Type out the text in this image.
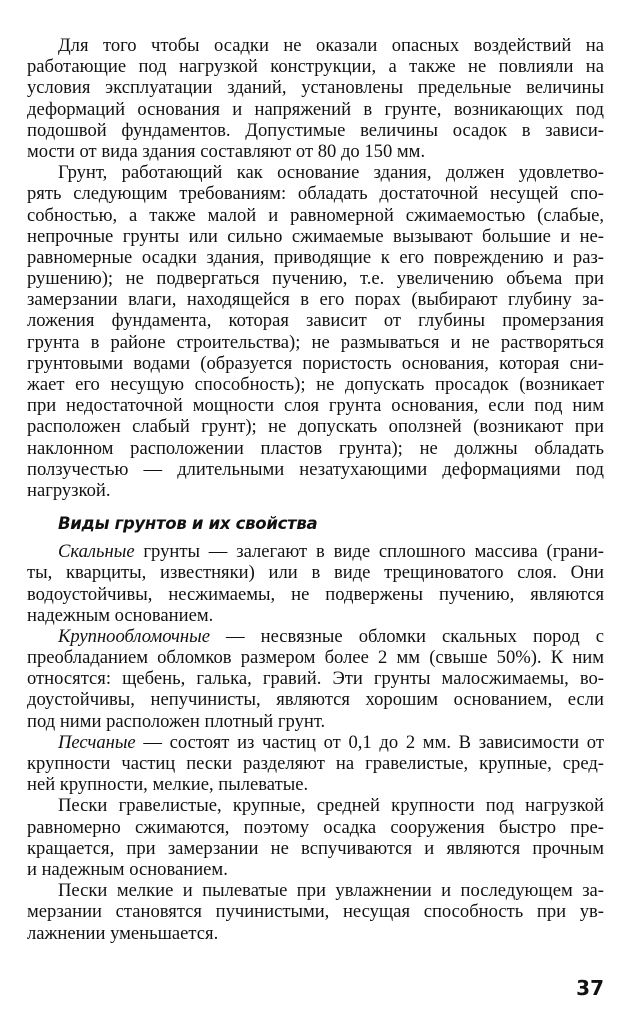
Для того чтобы осадки не оказали опасных воздействий на
работающие под нагрузкой конструкции, а также не повлияли на
условия эксплуатации зданий, установлены предельные величины
деформаций основания и напряжений в грунте, возникающих под
подошвой фундаментов. Допустимые величины осадок в зависи-
мости от вида здания составляют от 80 до 150 мм.
Грунт, работающий как основание здания, должен удовлетво-
рять следующим требованиям: обладать достаточной несущей спо-
собностью, а также малой и равномерной сжимаемостью (слабые,
непрочные грунты или сильно сжимаемые вызывают большие и не-
равномерные осадки здания, приводящие к его повреждению и раз-
рушению); не подвергаться пучению, т.е. увеличению объема при
замерзании влаги, находящейся в его порах (выбирают глубину за-
ложения фундамента, которая зависит от глубины промерзания
грунта в районе строительства); не размываться и не растворяться
грунтовыми водами (образуется пористость основания, которая сни-
жает его несущую способность); не допускать просадок (возникает
при недостаточной мощности слоя грунта основания, если под ним
расположен слабый грунт); не допускать оползней (возникают при
наклонном расположении пластов грунта); не должны обладать
ползучестью — длительными незатухающими деформациями под
нагрузкой.
Виды грунтов и их свойства
Скальные грунты — залегают в виде сплошного массива (грани-
ты, кварциты, известняки) или в виде трещиноватого слоя. Они
водоустойчивы, несжимаемы, не подвержены пучению, являются
надежным основанием.
Крупнообломочные — несвязные обломки скальных пород с
преобладанием обломков размером более 2 мм (свыше 50%). К ним
относятся: щебень, галька, гравий. Эти грунты малосжимаемы, во-
доустойчивы, непучинисты, являются хорошим основанием, если
под ними расположен плотный грунт.
Песчаные — состоят из частиц от 0,1 до 2 мм. В зависимости от
крупности частиц пески разделяют на гравелистые, крупные, сред-
ней крупности, мелкие, пылеватые.
Пески гравелистые, крупные, средней крупности под нагрузкой
равномерно сжимаются, поэтому осадка сооружения быстро пре-
кращается, при замерзании не вспучиваются и являются прочным
и надежным основанием.
Пески мелкие и пылеватые при увлажнении и последующем за-
мерзании становятся пучинистыми, несущая способность при ув-
лажнении уменьшается.
37
